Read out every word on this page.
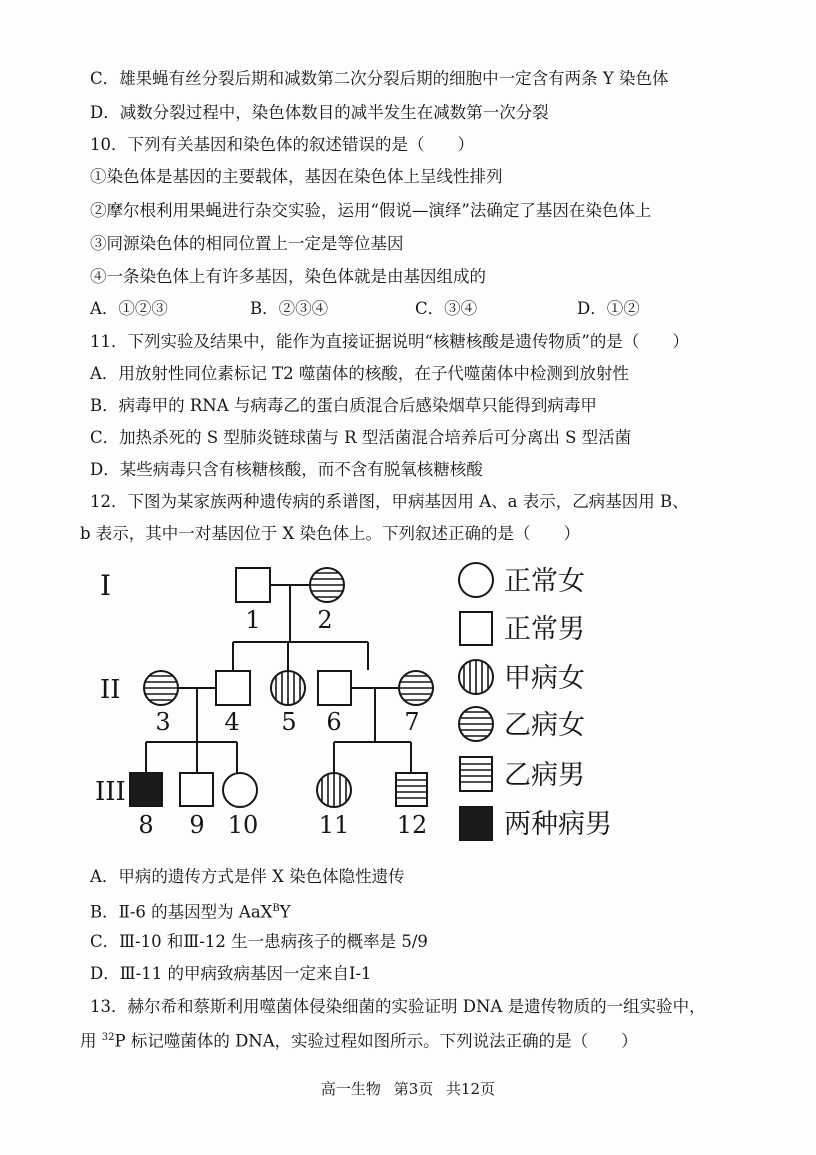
C．雄果蝇有丝分裂后期和减数第二次分裂后期的细胞中一定含有两条 Y 染色体
D．减数分裂过程中，染色体数目的减半发生在减数第一次分裂
10．下列有关基因和染色体的叙述错误的是（　　）
①染色体是基因的主要载体，基因在染色体上呈线性排列
②摩尔根利用果蝇进行杂交实验，运用“假说—演绎”法确定了基因在染色体上
③同源染色体的相同位置上一定是等位基因
④一条染色体上有许多基因，染色体就是由基因组成的
A．①②③	B．②③④	C．③④	D．①②
11．下列实验及结果中，能作为直接证据说明“核糖核酸是遗传物质”的是（　　）
A．用放射性同位素标记 T2 噬菌体的核酸，在子代噬菌体中检测到放射性
B．病毒甲的 RNA 与病毒乙的蛋白质混合后感染烟草只能得到病毒甲
C．加热杀死的 S 型肺炎链球菌与 R 型活菌混合培养后可分离出 S 型活菌
D．某些病毒只含有核糖核酸，而不含有脱氧核糖核酸
12．下图为某家族两种遗传病的系谱图，甲病基因用 A、a 表示，乙病基因用 B、
b 表示，其中一对基因位于 X 染色体上。下列叙述正确的是（　　）
I
II
III
1 2
3 4 5 6	7
8 9 10	11 12
正常女
正常男
甲病女
乙病女
乙病男
两种病男
A．甲病的遗传方式是伴 X 染色体隐性遗传
B．Ⅱ-6 的基因型为 AaX$^B$Y
C．Ⅲ-10 和Ⅲ-12 生一患病孩子的概率是 5/9
D．Ⅲ-11 的甲病致病基因一定来自Ⅰ-1
13．赫尔希和蔡斯利用噬菌体侵染细菌的实验证明 DNA 是遗传物质的一组实验中，
用 $^{32}$P 标记噬菌体的 DNA，实验过程如图所示。下列说法正确的是（　　）
高一生物 第3页 共12页
